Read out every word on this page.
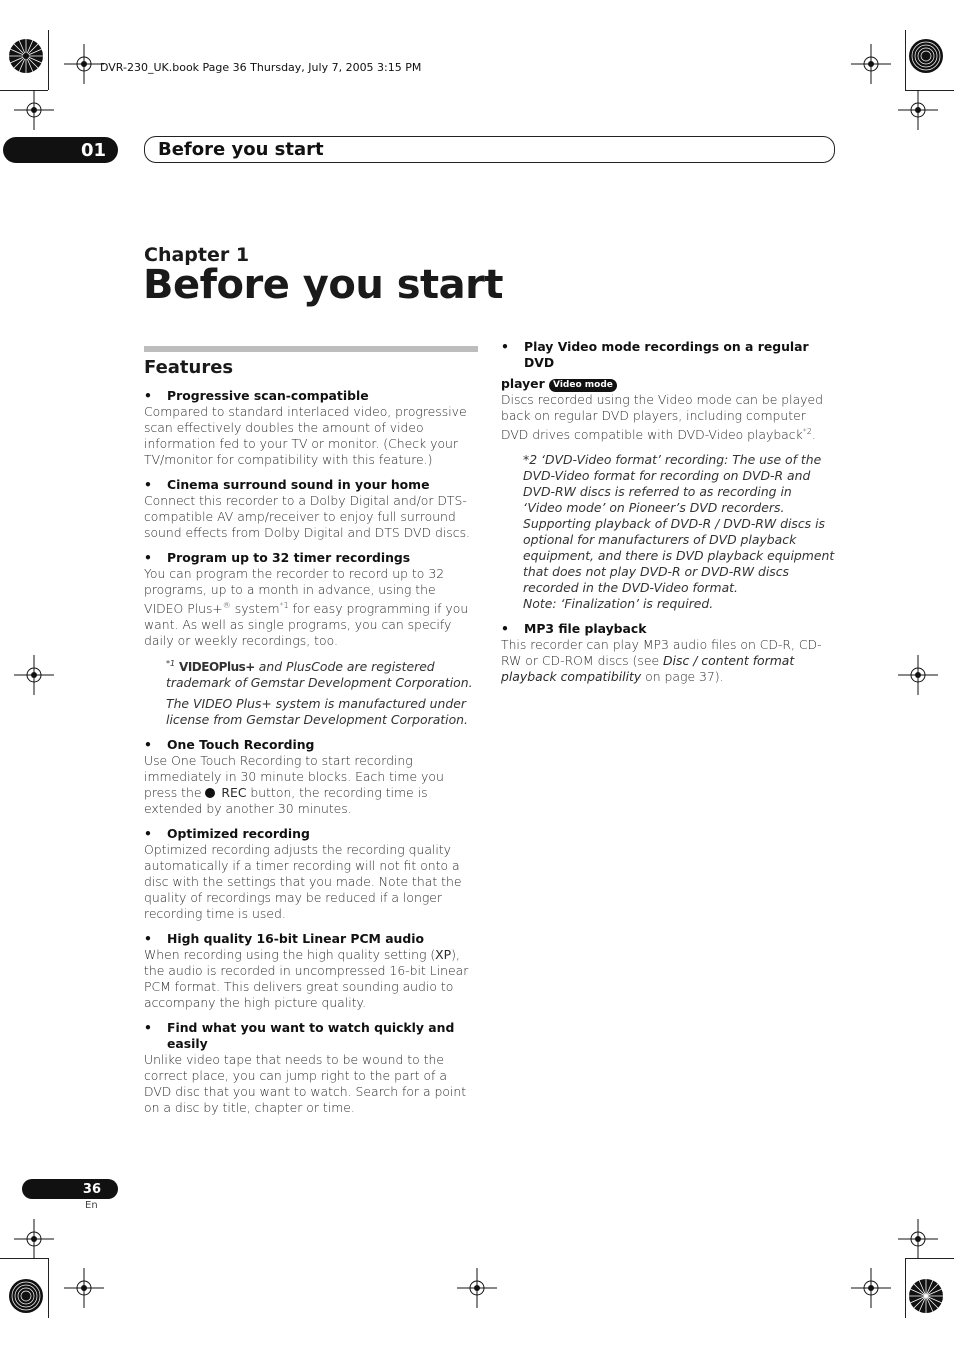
DVR-230_UK.book Page 36 Thursday, July 7, 2005 3:15 PM
01	Before you start
Chapter 1
Before you start
Features

• Progressive scan-compatible

Compared to standard interlaced video, progressive scan effectively doubles the amount of video information fed to your TV or monitor. (Check your TV/monitor for compatibility with this feature.)

• Cinema surround sound in your home

Connect this recorder to a Dolby Digital and/or DTS-compatible AV amp/receiver to enjoy full surround sound effects from Dolby Digital and DTS DVD discs.

• Program up to 32 timer recordings

You can program the recorder to record up to 32 programs, up to a month in advance, using the VIDEO Plus+® system$^{*1}$ for easy programming if you want. As well as single programs, you can specify daily or weekly recordings, too.

$^{*1}$ VIDEOPlus+ and PlusCode are registered trademark of Gemstar Development Corporation.

The VIDEO Plus+ system is manufactured under license from Gemstar Development Corporation.

• One Touch Recording

Use One Touch Recording to start recording immediately in 30 minute blocks. Each time you press the  REC button, the recording time is extended by another 30 minutes.

• Optimized recording

Optimized recording adjusts the recording quality automatically if a timer recording will not fit onto a disc with the settings that you made. Note that the quality of recordings may be reduced if a longer recording time is used.

• High quality 16-bit Linear PCM audio

When recording using the high quality setting (XP), the audio is recorded in uncompressed 16-bit Linear PCM format. This delivers great sounding audio to accompany the high picture quality.

• Find what you want to watch quickly and easily

Unlike video tape that needs to be wound to the correct place, you can jump right to the part of a DVD disc that you want to watch. Search for a point on a disc by title, chapter or time.

• Play Video mode recordings on a regular DVD

player Video mode

Discs recorded using the Video mode can be played back on regular DVD players, including computer DVD drives compatible with DVD-Video playback$^{*2}$.

*2 ‘DVD-Video format’ recording: The use of the DVD-Video format for recording on DVD-R and DVD-RW discs is referred to as recording in ‘Video mode’ on Pioneer’s DVD recorders. Supporting playback of DVD-R / DVD-RW discs is optional for manufacturers of DVD playback equipment, and there is DVD playback equipment that does not play DVD-R or DVD-RW discs recorded in the DVD-Video format.

Note: ‘Finalization’ is required.

• MP3 file playback

This recorder can play MP3 audio files on CD-R, CD-RW or CD-ROM discs (see Disc / content format playback compatibility on page 37).

36
En
